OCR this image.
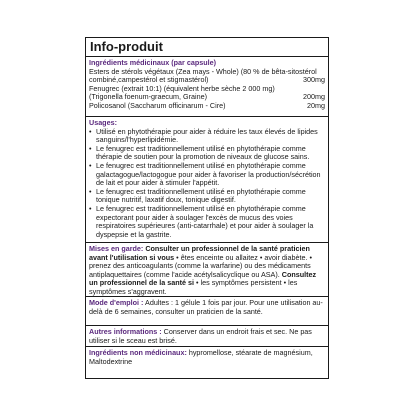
Info-produit
Ingrédients médicinaux (par capsule)
Esters de stérols végétaux (Zea mays - Whole) (80 % de bêta-sitostérol
combiné,campestérol et stigmastérol)	300mg
Fenugrec (extrait 10:1) (équivalent herbe sèche 2 000 mg)
(Trigonella foenum-graecum, Graine)	200mg
Policosanol (Saccharum officinarum - Cire)	20mg
Usages:
• Utilisé en phytothérapie pour aider à réduire les taux élevés de lipides sanguins/l'hyperlipidémie.
• Le fenugrec est traditionnellement utilisé en phytothérapie comme thérapie de soutien pour la promotion de niveaux de glucose sains.
• Le fenugrec est traditionnellement utilisé en phytothérapie comme galactagogue/lactogogue pour aider à favoriser la production/sécrétion de lait et pour aider à stimuler l'appétit.
• Le fenugrec est traditionnellement utilisé en phytothérapie comme tonique nutritif, laxatif doux, tonique digestif.
• Le fenugrec est traditionnellement utilisé en phytothérapie comme expectorant pour aider à soulager l'excès de mucus des voies respiratoires supérieures (anti-catarrhale) et pour aider à soulager la dyspepsie et la gastrite.
Mises en garde: Consulter un professionnel de la santé praticien avant l'utilisation si vous • êtes enceinte ou allaitez • avoir diabète. • prenez des anticoagulants (comme la warfarine) ou des médicaments antiplaquettaires (comme l'acide acétylsalicyclique ou ASA). Consultez un professionnel de la santé si • les symptômes persistent • les symptômes s'aggravent.
Mode d'emploi : Adultes : 1 gélule 1 fois par jour. Pour une utilisation au-delà de 6 semaines, consulter un praticien de la santé.
Autres informations : Conserver dans un endroit frais et sec. Ne pas utiliser si le sceau est brisé.
Ingrédients non médicinaux: hypromellose, stéarate de magnésium, Maltodextrine
